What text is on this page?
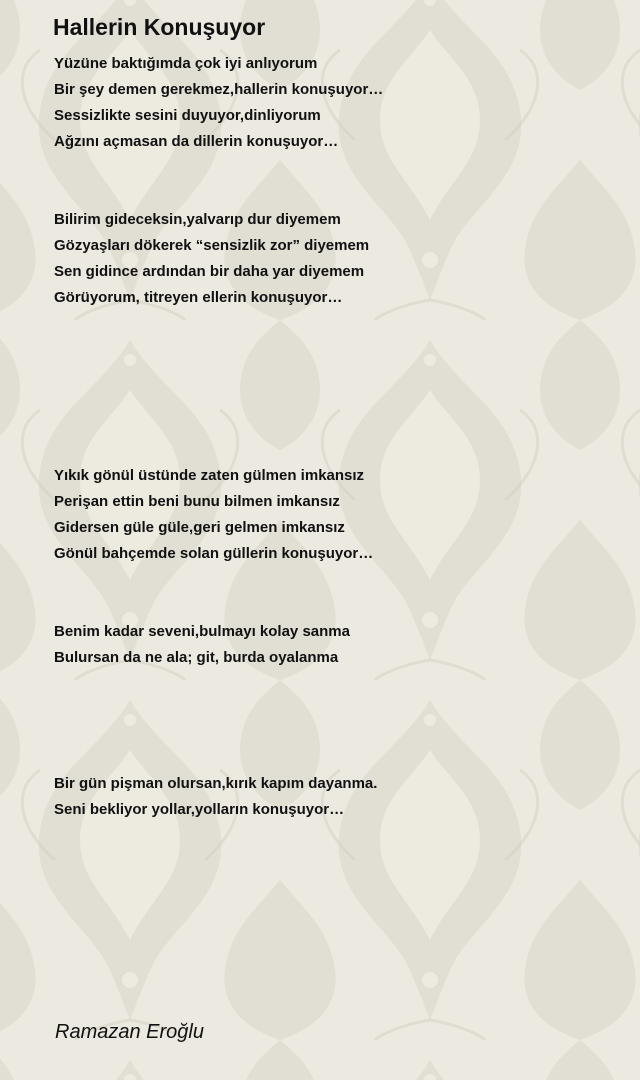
Hallerin Konuşuyor

Yüzüne baktığımda çok iyi anlıyorum

Bir şey demen gerekmez,hallerin konuşuyor…

Sessizlikte sesini duyuyor,dinliyorum

Ağzını açmasan da dillerin konuşuyor…

Bilirim gideceksin,yalvarıp dur diyemem

Gözyaşları dökerek “sensizlik zor” diyemem

Sen gidince ardından bir daha yar diyemem

Görüyorum, titreyen ellerin konuşuyor…

Yıkık gönül üstünde zaten gülmen imkansız

Perişan ettin beni bunu bilmen imkansız

Gidersen güle güle,geri gelmen imkansız

Gönül bahçemde solan güllerin konuşuyor…

Benim kadar seveni,bulmayı kolay sanma

Bulursan da ne ala; git, burda oyalanma

Bir gün pişman olursan,kırık kapım dayanma.

Seni bekliyor yollar,yolların konuşuyor…

Ramazan Eroğlu
